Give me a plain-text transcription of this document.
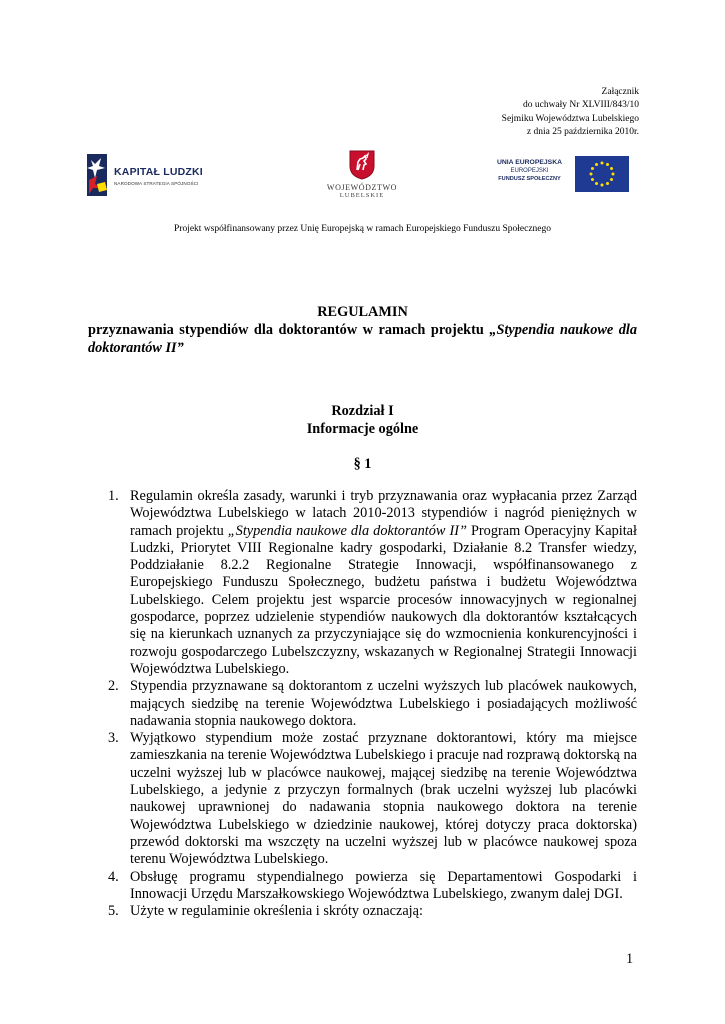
Załącznik
do uchwały Nr XLVIII/843/10
Sejmiku Województwa Lubelskiego
z dnia 25 października 2010r.
KAPITAŁ LUDZKI
NARODOWA STRATEGIA SPÓJNOŚCI	WOJEWÓDZTWO
LUBELSKIE
UNIA EUROPEJSKA
EUROPEJSKI
FUNDUSZ SPOŁECZNY
Projekt współfinansowany przez Unię Europejską w ramach Europejskiego Funduszu Społecznego
REGULAMIN
przyznawania stypendiów dla doktorantów w ramach projektu „Stypendia naukowe dla doktorantów II”
Rozdział I
Informacje ogólne
§ 1
1. Regulamin określa zasady, warunki i tryb przyznawania oraz wypłacania przez Zarząd Województwa Lubelskiego w latach 2010-2013 stypendiów i nagród pieniężnych w ramach projektu „Stypendia naukowe dla doktorantów II” Program Operacyjny Kapitał Ludzki, Priorytet VIII Regionalne kadry gospodarki, Działanie 8.2 Transfer wiedzy, Poddziałanie 8.2.2 Regionalne Strategie Innowacji, współfinansowanego z Europejskiego Funduszu Społecznego, budżetu państwa i budżetu Województwa Lubelskiego. Celem projektu jest wsparcie procesów innowacyjnych w regionalnej gospodarce, poprzez udzielenie stypendiów naukowych dla doktorantów kształcących się na kierunkach uznanych za przyczyniające się do wzmocnienia konkurencyjności i rozwoju gospodarczego Lubelszczyzny, wskazanych w Regionalnej Strategii Innowacji Województwa Lubelskiego.
2. Stypendia przyznawane są doktorantom z uczelni wyższych lub placówek naukowych, mających siedzibę na terenie Województwa Lubelskiego i posiadających możliwość nadawania stopnia naukowego doktora.
3. Wyjątkowo stypendium może zostać przyznane doktorantowi, który ma miejsce zamieszkania na terenie Województwa Lubelskiego i pracuje nad rozprawą doktorską na uczelni wyższej lub w placówce naukowej, mającej siedzibę na terenie Województwa Lubelskiego, a jedynie z przyczyn formalnych (brak uczelni wyższej lub placówki naukowej uprawnionej do nadawania stopnia naukowego doktora na terenie Województwa Lubelskiego w dziedzinie naukowej, której dotyczy praca doktorska) przewód doktorski ma wszczęty na uczelni wyższej lub w placówce naukowej spoza terenu Województwa Lubelskiego.
4. Obsługę programu stypendialnego powierza się Departamentowi Gospodarki i Innowacji Urzędu Marszałkowskiego Województwa Lubelskiego, zwanym dalej DGI.
5. Użyte w regulaminie określenia i skróty oznaczają:
1
